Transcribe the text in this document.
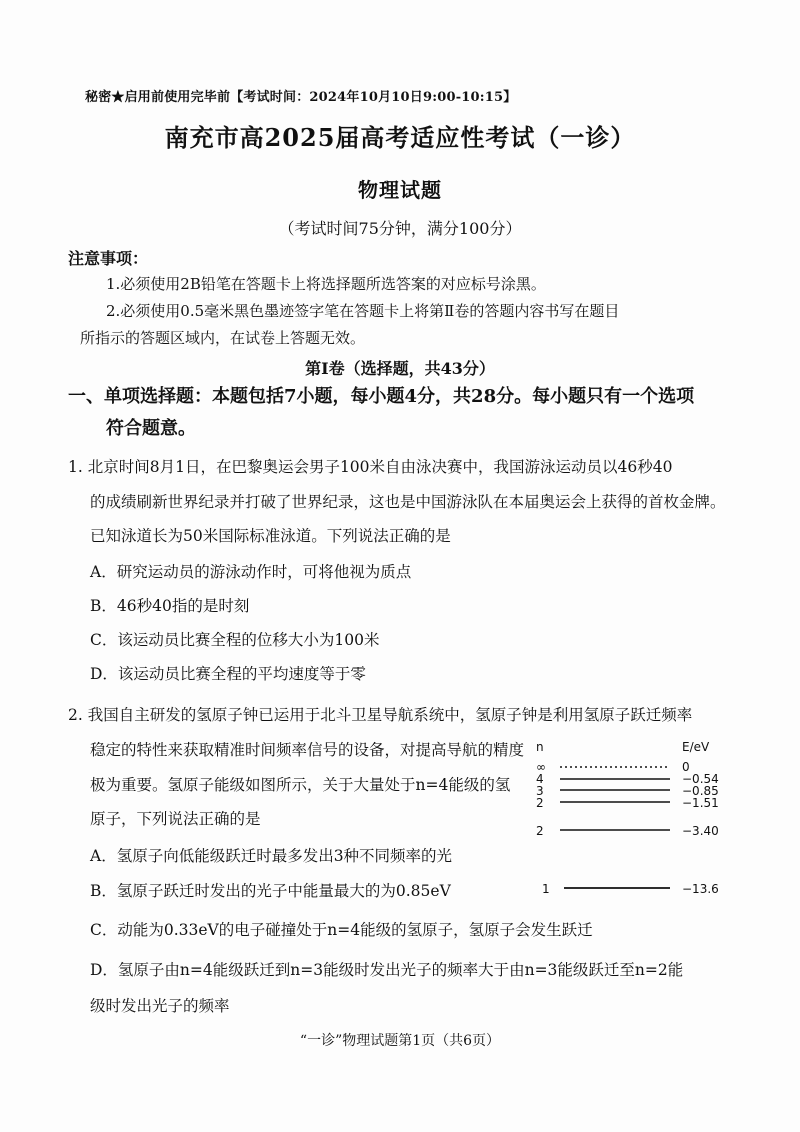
秘密★启用前使用完毕前【考试时间：2024年10月10日9:00-10:15】
南充市高2025届高考适应性考试（一诊）
物理试题
（考试时间75分钟，满分100分）
注意事项：
1.必须使用2B铅笔在答题卡上将选择题所选答案的对应标号涂黑。
2.必须使用0.5毫米黑色墨迹签字笔在答题卡上将第Ⅱ卷的答题内容书写在题目
所指示的答题区域内，在试卷上答题无效。
第Ⅰ卷（选择题，共43分）
一、单项选择题：本题包括7小题，每小题4分，共28分。每小题只有一个选项
符合题意。
1. 北京时间8月1日，在巴黎奥运会男子100米自由泳决赛中，我国游泳运动员以46秒40
的成绩刷新世界纪录并打破了世界纪录，这也是中国游泳队在本届奥运会上获得的首枚金牌。
已知泳道长为50米国际标准泳道。下列说法正确的是
A．研究运动员的游泳动作时，可将他视为质点
B．46秒40指的是时刻
C．该运动员比赛全程的位移大小为100米
D．该运动员比赛全程的平均速度等于零
2. 我国自主研发的氢原子钟已运用于北斗卫星导航系统中，氢原子钟是利用氢原子跃迁频率
稳定的特性来获取精准时间频率信号的设备，对提高导航的精度
极为重要。氢原子能级如图所示，关于大量处于n=4能级的氢
原子，下列说法正确的是
A．氢原子向低能级跃迁时最多发出3种不同频率的光
B．氢原子跃迁时发出的光子中能量最大的为0.85eV
C．动能为0.33eV的电子碰撞处于n=4能级的氢原子，氢原子会发生跃迁
D．氢原子由n=4能级跃迁到n=3能级时发出光子的频率大于由n=3能级跃迁至n=2能
级时发出光子的频率
n	E/eV
∞	0
4	−0.54
3	−0.85
2	−1.51
2	−3.40
1	−13.6
“一诊”物理试题第1页（共6页）
